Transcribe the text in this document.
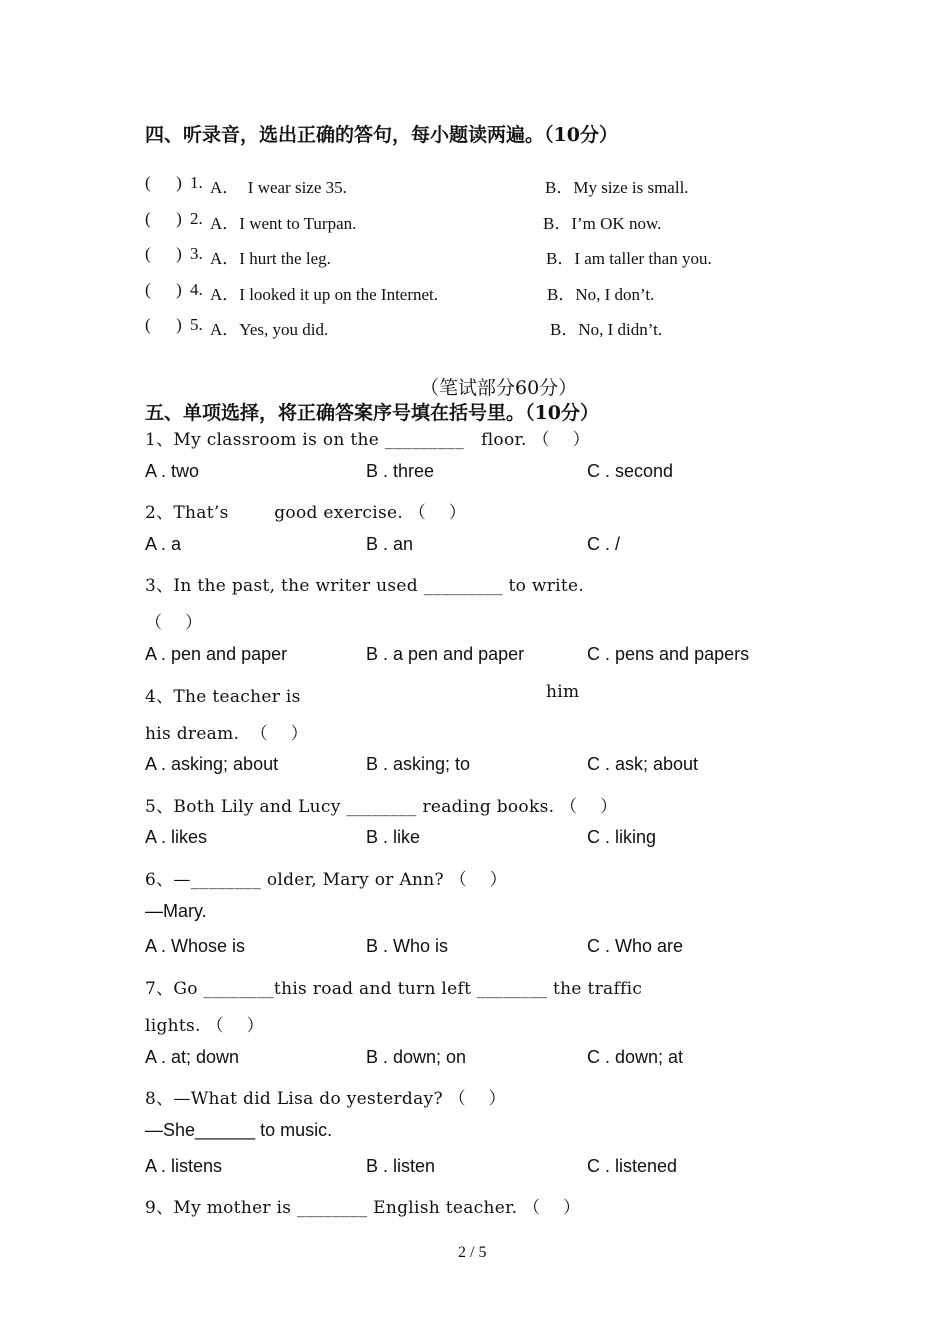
四、听录音，选出正确的答句，每小题读两遍。（10分）
(      ) 1. A．  I wear size 35.	B．My size is small.
(      ) 2. A．I went to Turpan.	B．I’m OK now.
(      ) 3. A．I hurt the leg.	B．I am taller than you.
(      ) 4. A．I looked it up on the Internet.	B．No, I don’t.
(      ) 5. A．Yes, you did.	B．No, I didn’t.
（笔试部分60分）
五、单项选择，将正确答案序号填在括号里。（10分）
1、My classroom is on the _________   floor. （    ）
A . two	B . three	C . second
2、That’s        good exercise. （    ）
A . a	B . an	C . /
3、In the past, the writer used _________ to write.
（    ）
A . pen and paper	B . a pen and paper	C . pens and papers
4、The teacher is	him
his dream.  （    ）
A . asking; about	B . asking; to	C . ask; about
5、Both Lily and Lucy ________ reading books. （    ）
A . likes	B . like	C . liking
6、—________ older, Mary or Ann? （    ）
—Mary.
A . Whose is	B . Who is	C . Who are
7、Go ________this road and turn left ________ the traffic
lights. （    ）
A . at; down	B . down; on	C . down; at
8、—What did Lisa do yesterday? （    ）
—She______ to music.
A . listens	B . listen	C . listened
9、My mother is ________ English teacher. （    ）
2 / 5
